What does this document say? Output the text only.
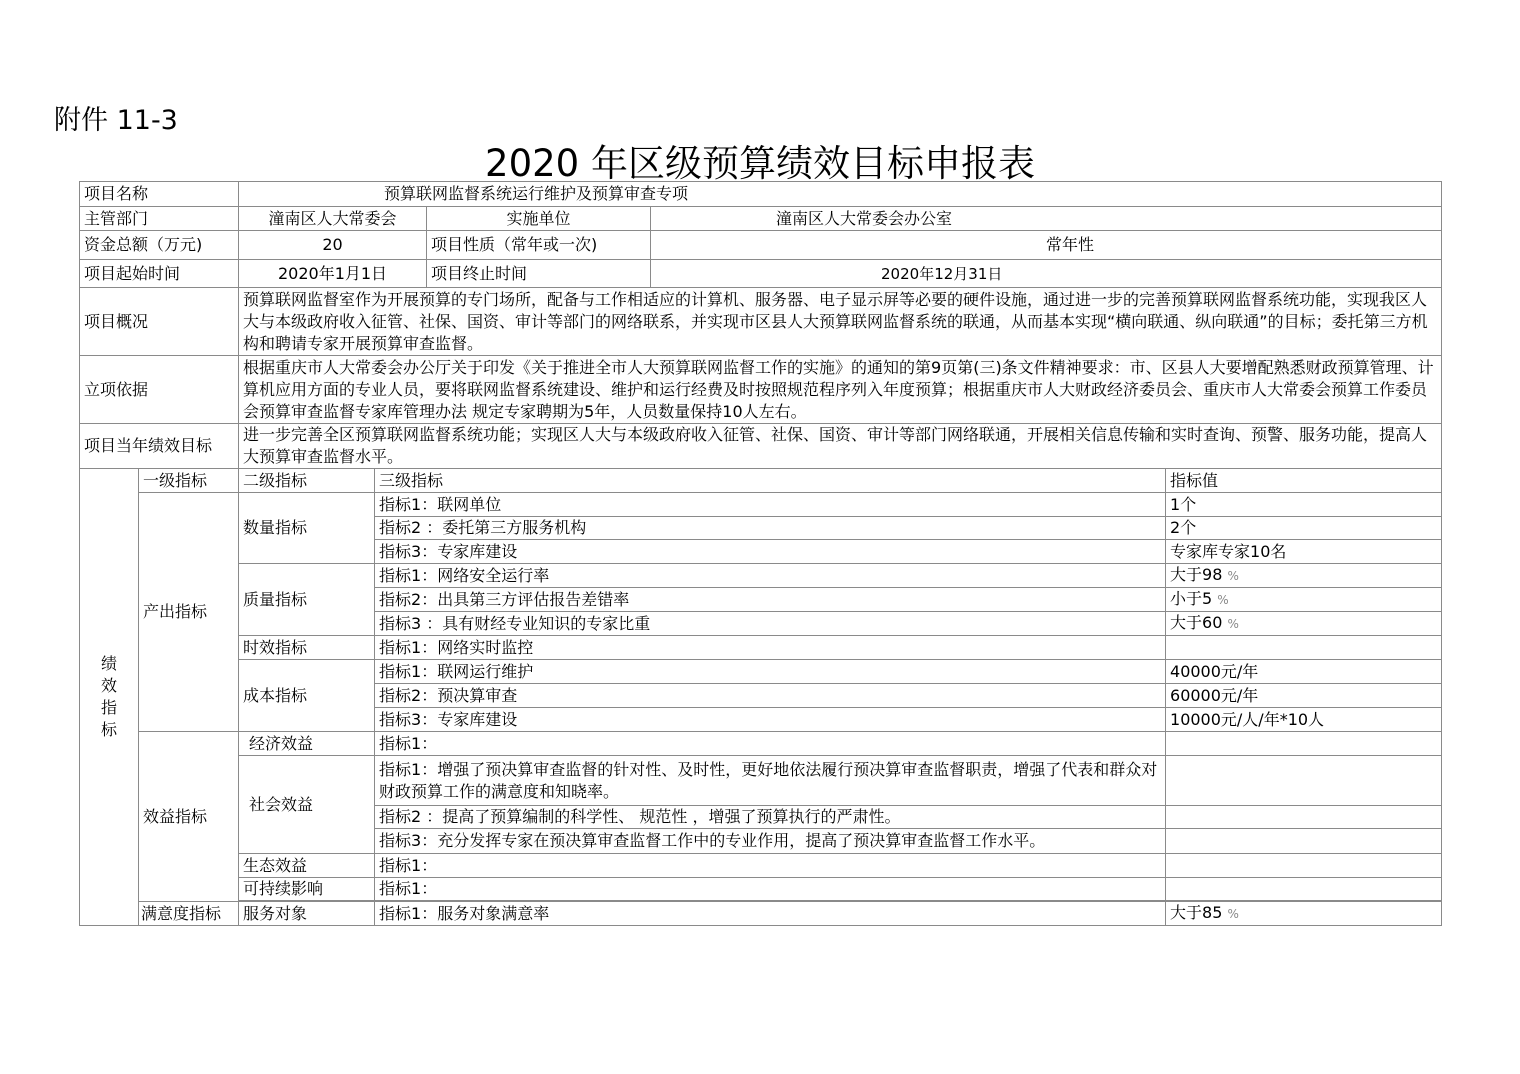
附件 11-3
2020 年区级预算绩效目标申报表
项目名称		预算联网监督系统运行维护及预算审查专项				
主管部门		潼南区人大常委会		实施单位	潼南区人大常委会办公室	
资金总额（万元)		20		项目性质（常年或一次)	常年性	
项目起始时间		2020年1月1日		项目终止时间	2020年12月31日	
项目概况		预算联网监督室作为开展预算的专门场所，配备与工作相适应的计算机、服务器、电子显示屏等必要的硬件设施，通过进一步的完善预算联网监督系统功能，实现我区人大与本级政府收入征管、社保、国资、审计等部门的网络联系，并实现市区县人大预算联网监督系统的联通，从而基本实现“横向联通、纵向联通”的目标；委托第三方机构和聘请专家开展预算审查监督。				
立项依据		根据重庆市人大常委会办公厅关于印发《关于推进全市人大预算联网监督工作的实施》的通知的第9页第(三)条文件精神要求：市、区县人大要增配熟悉财政预算管理、计算机应用方面的专业人员，要将联网监督系统建设、维护和运行经费及时按照规范程序列入年度预算；根据重庆市人大财政经济委员会、重庆市人大常委会预算工作委员会预算审查监督专家库管理办法 规定专家聘期为5年，人员数量保持10人左右。				
项目当年绩效目标		进一步完善全区预算联网监督系统功能；实现区人大与本级政府收入征管、社保、国资、审计等部门网络联通，开展相关信息传输和实时查询、预警、服务功能，提高人大预算审查监督水平。				

绩效指标	一级指标	二级指标	三级指标			指标值
	产出指标	数量指标	指标1：联网单位			1个
			指标2 ：委托第三方服务机构			2个
			指标3：专家库建设			专家库专家10名
		质量指标	指标1：网络安全运行率			大于98 %
			指标2：出具第三方评估报告差错率			小于5 %
			指标3 ：具有财经专业知识的专家比重			大于60 %
		时效指标	指标1：网络实时监控			
		成本指标	指标1：联网运行维护			40000元/年
			指标2：预决算审查			60000元/年
			指标3：专家库建设			10000元/人/年*10人
	效益指标	经济效益	指标1：			
		社会效益	指标1：增强了预决算审查监督的针对性、及时性，更好地依法履行预决算审查监督职责，增强了代表和群众对财政预算工作的满意度和知晓率。			
			指标2 ：提高了预算编制的科学性、 规范性 ，增强了预算执行的严肃性。			
			指标3：充分发挥专家在预决算审查监督工作中的专业作用，提高了预决算审查监督工作水平。			
		生态效益	指标1：			
		可持续影响	指标1：			

	满意度指标	服务对象	指标1：服务对象满意率			大于85 %
